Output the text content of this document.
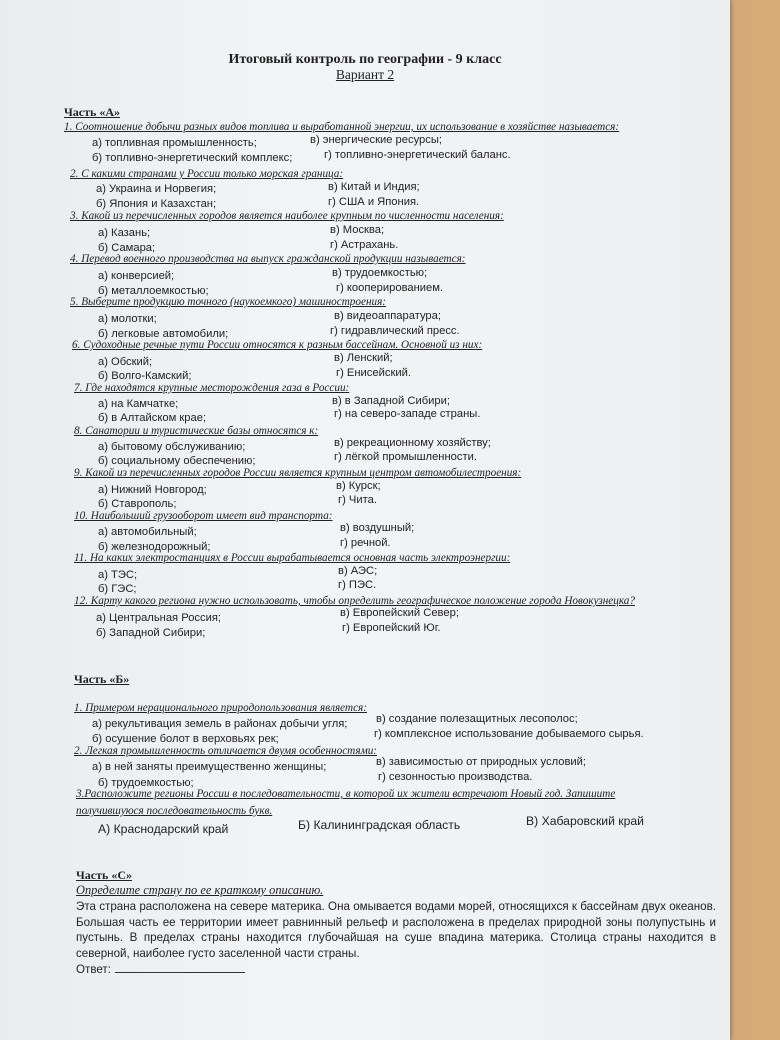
Итоговый контроль по географии - 9 класс
Вариант 2
Часть «А»
1. Соотношение добычи разных видов топлива и выработанной энергии, их использование в хозяйстве называется:
а) топливная промышленность;	в) энергические ресурсы;
б) топливно-энергетический комплекс;	г) топливно-энергетический баланс.
2. С какими странами у России только морская граница:
а) Украина и Норвегия;	в) Китай и Индия;
б) Япония и Казахстан;	г) США и Япония.
3. Какой из перечисленных городов является наиболее крупным по численности населения:
а) Казань;	в) Москва;
б) Самара;	г) Астрахань.
4. Перевод военного производства на выпуск гражданской продукции называется:
а) конверсией;	в) трудоемкостью;
б) металлоемкостью;	г) кооперированием.
5. Выберите продукцию точного (наукоемкого) машиностроения:
а) молотки;	в) видеоаппаратура;
б) легковые автомобили;	г) гидравлический пресс.
6. Судоходные речные пути России относятся к разным бассейнам. Основной из них:
а) Обский;	в) Ленский;
б) Волго-Камский;	г) Енисейский.
7. Где находятся крупные месторождения газа в России:
а) на Камчатке;	в) в Западной Сибири;
б) в Алтайском крае;	г) на северо-западе страны.
8. Санатории и туристические базы относятся к:
а) бытовому обслуживанию;	в) рекреационному хозяйству;
б) социальному обеспечению;	г) лёгкой промышленности.
9. Какой из перечисленных городов России является крупным центром автомобилестроения:
а) Нижний Новгород;	в) Курск;
б) Ставрополь;	г) Чита.
10. Наибольший грузооборот имеет вид транспорта:
а) автомобильный;	в) воздушный;
б) железнодорожный;	г) речной.
11. На каких электростанциях в России вырабатывается основная часть электроэнергии:
а) ТЭС;	в) АЭС;
б) ГЭС;	г) ПЭС.
12. Карту какого региона нужно использовать, чтобы определить географическое положение города Новокузнецка?
а) Центральная Россия;	в) Европейский Север;
б) Западной Сибири;	г) Европейский Юг.
Часть «Б»
1. Примером нерационального природопользования является:
а) рекультивация земель в районах добычи угля;	в) создание полезащитных лесополос;
б) осушение болот в верховьях рек;	г) комплексное использование добываемого сырья.
2. Легкая промышленность отличается двумя особенностями:
а) в ней заняты преимущественно женщины;	в) зависимостью от природных условий;
б) трудоемкостью;	г) сезонностью производства.
3.Расположите регионы России в последовательности, в которой их жители встречают Новый год. Запишите
получившуюся последовательность букв.
А) Краснодарский край	Б) Калининградская область	В) Хабаровский край
Часть «С»
Определите страну по ее краткому описанию.
Эта страна расположена на севере материка. Она омывается водами морей, относящихся к бассейнам двух океанов. Большая часть ее территории имеет равнинный рельеф и расположена в пределах природной зоны полупустынь и пустынь. В пределах страны находится глубочайшая на суше впадина материка. Столица страны находится в северной, наиболее густо заселенной части страны.
Ответ:
